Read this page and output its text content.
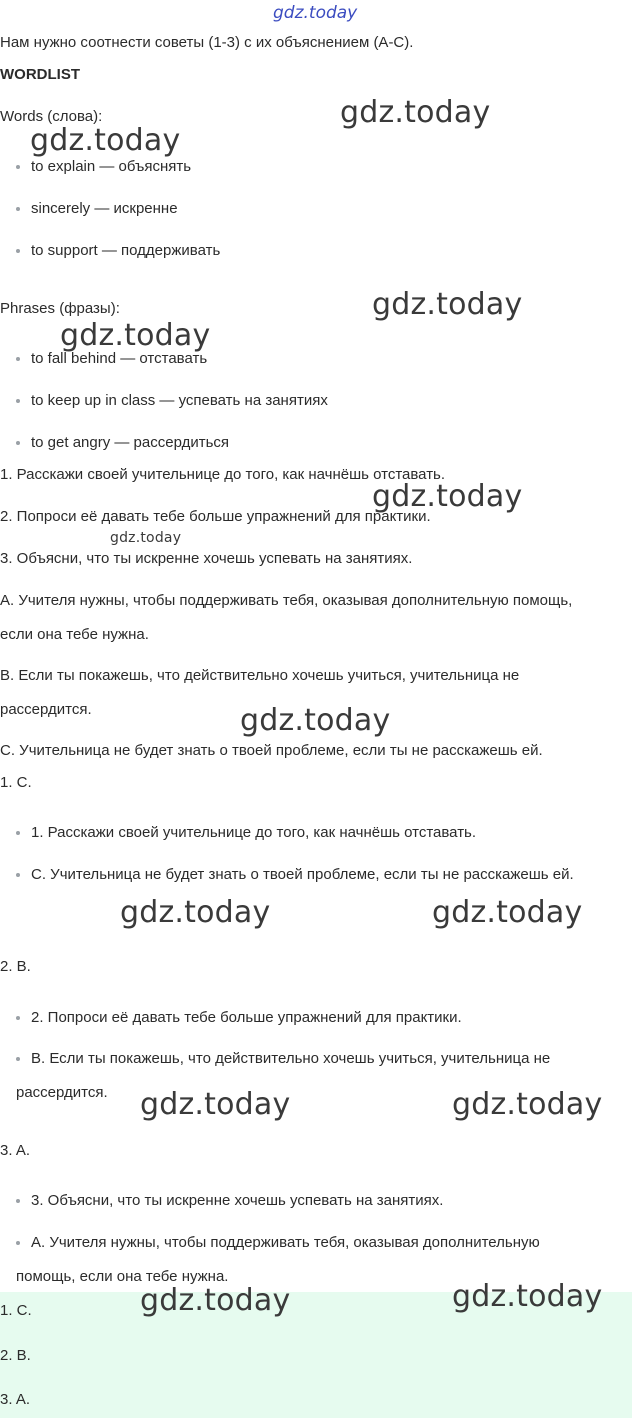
gdz.today
Нам нужно соотнести советы (1-3) с их объяснением (A-C).
WORDLIST
Words (слова):
to explain — объяснять
sincerely — искренне
to support — поддерживать
Phrases (фразы):
to fall behind — отставать
to keep up in class — успевать на занятиях
to get angry — рассердиться
1. Расскажи своей учительнице до того, как начнёшь отставать.
2. Попроси её давать тебе больше упражнений для практики.
3. Объясни, что ты искренне хочешь успевать на занятиях.
A. Учителя нужны, чтобы поддерживать тебя, оказывая дополнительную помощь, если она тебе нужна.
B. Если ты покажешь, что действительно хочешь учиться, учительница не рассердится.
C. Учительница не будет знать о твоей проблеме, если ты не расскажешь ей.
1. C.
1. Расскажи своей учительнице до того, как начнёшь отставать.
C. Учительница не будет знать о твоей проблеме, если ты не расскажешь ей.
2. B.
2. Попроси её давать тебе больше упражнений для практики.
B. Если ты покажешь, что действительно хочешь учиться, учительница не рассердится.
3. A.
3. Объясни, что ты искренне хочешь успевать на занятиях.
A. Учителя нужны, чтобы поддерживать тебя, оказывая дополнительную помощь, если она тебе нужна.
1. C.
2. B.
3. A.
gdz.today
gdz.today
gdz.today
gdz.today
gdz.today
gdz.today
gdz.today
gdz.today	gdz.today
gdz.today	gdz.today
gdz.today	gdz.today
